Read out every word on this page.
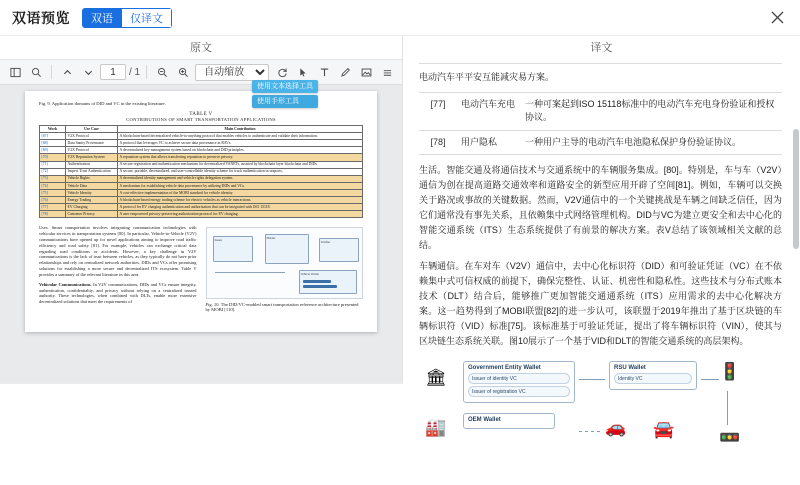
双语预览	双语	仅译文
原文
1
/ 1
自动缩放
使用文本选择工具
使用手形工具

Fig. 9. Application domains of DID and VC in the existing literature.

TABLE V

CONTRIBUTIONS OF SMART TRANSPORTATION APPLICATIONS

Work	Use Case	Main Contribution
[67]	V2X Protocol	A blockchain-based decentralized vehicle-to-anything protocol that enables vehicles to authenticate and validate their information.
[68]	Data Sanity Provenance	A protocol that leverages VC to achieve secure data provenance in RAVs.
[69]	V2X Protocol	A decentralized key management system based on blockchain and DID principles.
[70]	V2X Reputation System	A reputation system that allows transferring reputation to preserve privacy.
[71]	Authentication	A secure registration and authentication mechanism for decentralized VANETs, assisted by blockchain layer blockchain and DIDs.
[72]	Inspect Trust Authentication	A secure, portable, decentralized, and user-controllable identity scheme for truck authentication in seaports.
[73]	Vehicle Rights	A decentralized identity management and vehicle rights delegation system.
[74]	Vehicle Data	A mechanism for establishing vehicle data provenance by utilizing DIDs and VCs.
[75]	Vehicle Identity	A cost-effective implementation of the MOBI standard for vehicle identity.
[76]	Energy Trading	A blockchain-based energy trading scheme for electric vehicles as vehicle interactions.
[77]	EV Charging	A protocol for EV charging authentication and authorization that can be integrated with ISO 15118.
[78]	Customer Privacy	A user empowered privacy-preserving authorization protocol for EV charging.

Uses. Smart transportation involves integrating communication technologies with vehicular services in transportation systems [80]. In particular, Vehicle-to-Vehicle (V2V) communications have opened up for novel applications aiming to improve road traffic efficiency and road safety [81]. For example, vehicles can exchange critical data regarding road conditions or accidents. However, a key challenge in V2V communications is the lack of trust between vehicles, as they typically do not have prior relationships and rely on centralized network authorities. DIDs and VCs offer promising solutions for establishing a more secure and decentralized ITS ecosystem. Table V provides a summary of the relevant literature in this area.

Vehicular Communications. In V2V communications, DIDs and VCs ensure integrity, authentication, confidentiality, and privacy without relying on a centralized trusted authority. These technologies, when combined with DLTs, enable more extensive decentralized solutions that meet the requirements of

Issuer	Holder
Verifier
Vehicle Wallet

Fig. 10. The DID/VC-enabled smart transportation reference architecture presented by MOBI [110].

译文

电动汽车平平安互能减灾易方案。

[77]	电动汽车充电	一种可案起到ISO 15118标准中的电动汽车充电身份验证和授权协议。
[78]	用户隐私	一种用户主导的电动汽车电池隐私保护身份验证协议。

生活。智能交通及将通信技术与交通系统中的车辆服务集成。[80]。特别是，车与车（V2V）通信为创在提高道路交通效率和道路安全的新型应用开辟了空间[81]。例如，车辆可以交换关于路况或事故的关键数据。然而，V2V通信中的一个关键挑战是车辆之间缺乏信任，因为它们通常没有事先关系，且依赖集中式网络管理机构。DID与VC为建立更安全和去中心化的智能交通系统（ITS）生态系统提供了有前景的解决方案。表V总结了该领域相关文献的总结。

车辆通信。在车对车（V2V）通信中，去中心化标识符（DID）和可验证凭证（VC）在不依赖集中式可信权威的前提下，确保完整性、认证、机密性和隐私性。这些技术与分布式账本技术（DLT）结合后，能够推广更加智能交通通系统（ITS）应用需求的去中心化解决方案。这一趋势得到了MOBI联盟[82]的进一步认可，该联盟于2019年推出了基于区块链的车辆标识符（VID）标准[75]。该标准基于可验证凭证，提出了将车辆标识符（VIN），使其与区块链生态系统关联。图10展示了一个基于VID和DLT的智能交通系统的高层架构。

🏛	Government Entity Wallet
Issuer of identity VC
Issuer of registration VC
RSU Wallet
Identity VC	🚦
OEM Wallet
🏭	🚗 🚘	🚥
